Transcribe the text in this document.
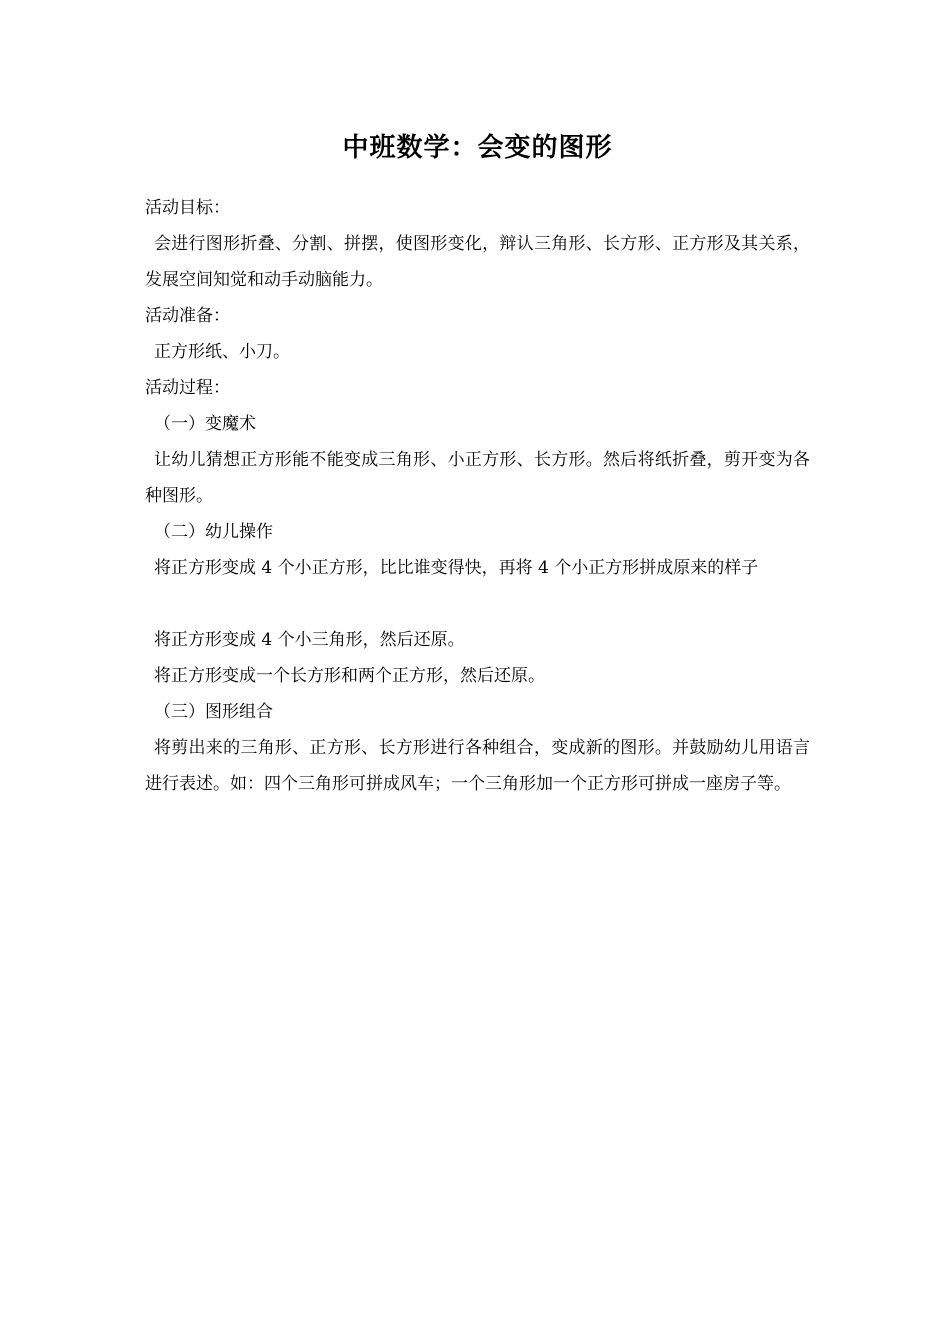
中班数学：会变的图形
活动目标：
会进行图形折叠、分割、拼摆，使图形变化，辩认三角形、长方形、正方形及其关系，发展空间知觉和动手动脑能力。
活动准备：
正方形纸、小刀。
活动过程：
（一）变魔术
让幼儿猜想正方形能不能变成三角形、小正方形、长方形。然后将纸折叠，剪开变为各种图形。
（二）幼儿操作
将正方形变成 4 个小正方形，比比谁变得快，再将 4 个小正方形拼成原来的样子
将正方形变成 4 个小三角形，然后还原。
将正方形变成一个长方形和两个正方形，然后还原。
（三）图形组合
将剪出来的三角形、正方形、长方形进行各种组合，变成新的图形。并鼓励幼儿用语言进行表述。如：四个三角形可拼成风车；一个三角形加一个正方形可拼成一座房子等。
